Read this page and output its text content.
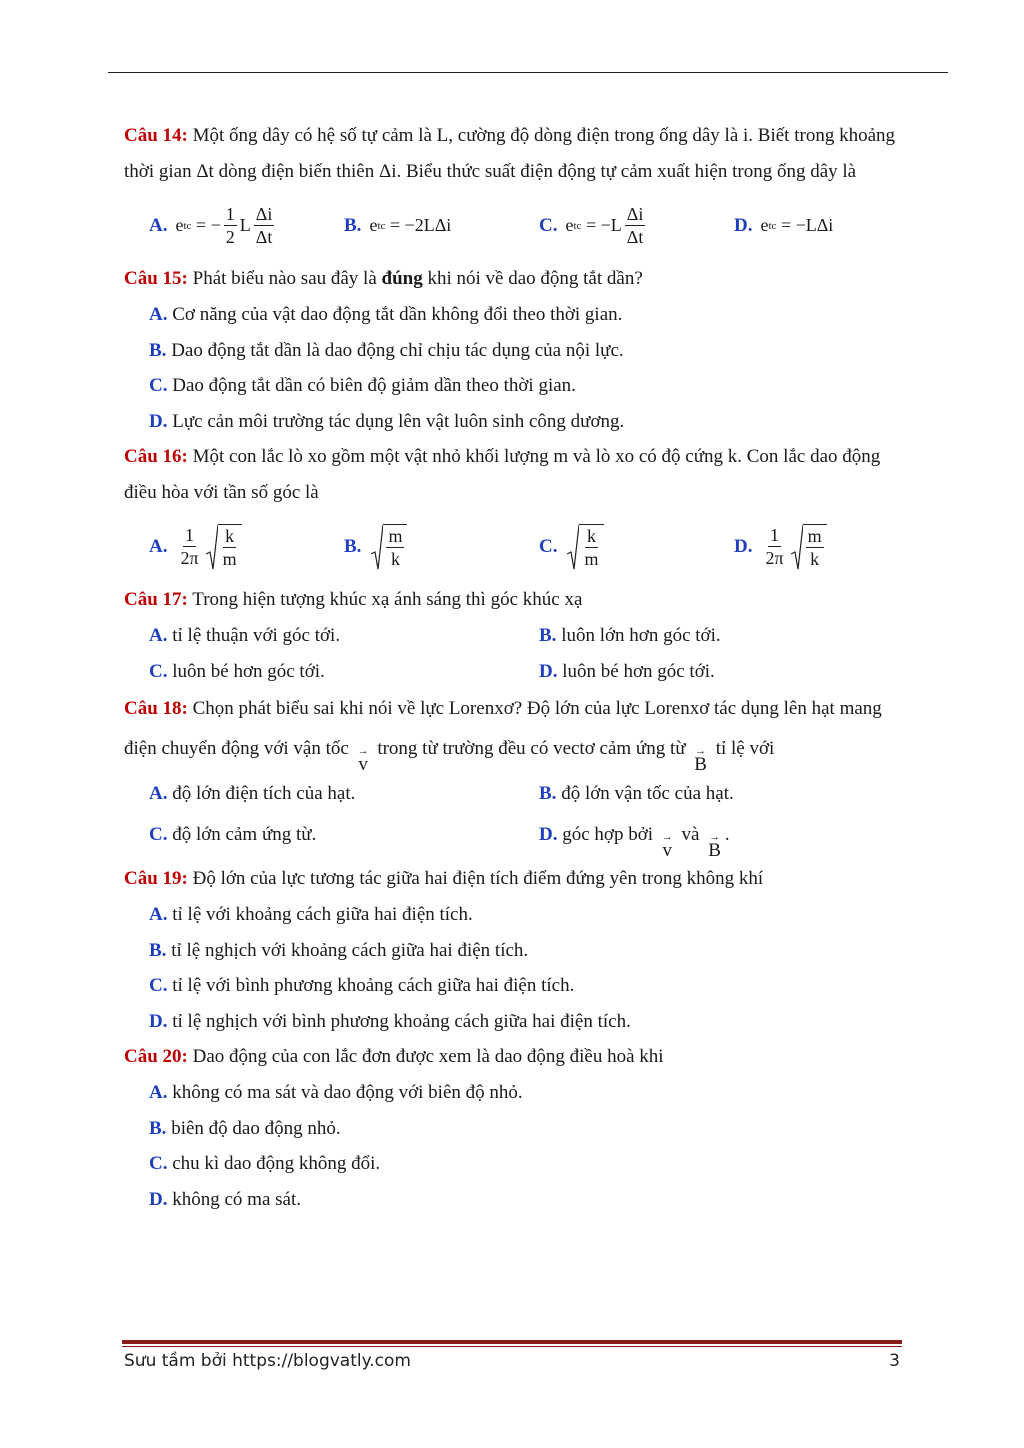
Câu 14: Một ống dây có hệ số tự cảm là L, cường độ dòng điện trong ống dây là i. Biết trong khoảng thời gian Δt dòng điện biến thiên Δi. Biểu thức suất điện động tự cảm xuất hiện trong ống dây là
A. e tc = − $\frac{1}{2}$ L $\frac{\Delta i}{\Delta t}$	B. e tc = −2LΔi	C. e tc = $-L \frac{\Delta i}{\Delta t}$	D. e tc = −LΔi
Câu 15: Phát biểu nào sau đây là đúng khi nói về dao động tắt dần?
A. Cơ năng của vật dao động tắt dần không đổi theo thời gian.
B. Dao động tắt dần là dao động chỉ chịu tác dụng của nội lực.
C. Dao động tắt dần có biên độ giảm dần theo thời gian.
D. Lực cản môi trường tác dụng lên vật luôn sinh công dương.
Câu 16: Một con lắc lò xo gồm một vật nhỏ khối lượng m và lò xo có độ cứng k. Con lắc dao động điều hòa với tần số góc là
A. $\frac{1}{2\pi} \frac{k}{m}$	B. $\frac{m}{k}$	C. $\frac{k}{m}$	D. $\frac{1}{2\pi} \frac{m}{k}$
Câu 17: Trong hiện tượng khúc xạ ánh sáng thì góc khúc xạ
A. tỉ lệ thuận với góc tới.	B. luôn lớn hơn góc tới.
C. luôn bé hơn góc tới.	D. luôn bé hơn góc tới.
Câu 18: Chọn phát biểu sai khi nói về lực Lorenxơ? Độ lớn của lực Lorenxơ tác dụng lên hạt mang điện chuyển động với vận tốc →
v
trong từ trường đều có vectơ cảm ứng từ →
B
tỉ lệ với
A. độ lớn điện tích của hạt.	B. độ lớn vận tốc của hạt.
C. độ lớn cảm ứng từ.	D. góc hợp bởi →
v
và →
B
.
Câu 19: Độ lớn của lực tương tác giữa hai điện tích điểm đứng yên trong không khí
A. tỉ lệ với khoảng cách giữa hai điện tích.
B. tỉ lệ nghịch với khoảng cách giữa hai điện tích.
C. tỉ lệ với bình phương khoảng cách giữa hai điện tích.
D. tỉ lệ nghịch với bình phương khoảng cách giữa hai điện tích.
Câu 20: Dao động của con lắc đơn được xem là dao động điều hoà khi
A. không có ma sát và dao động với biên độ nhỏ.
B. biên độ dao động nhỏ.
C. chu kì dao động không đổi.
D. không có ma sát.
Sưu tầm bởi https://blogvatly.com	3
